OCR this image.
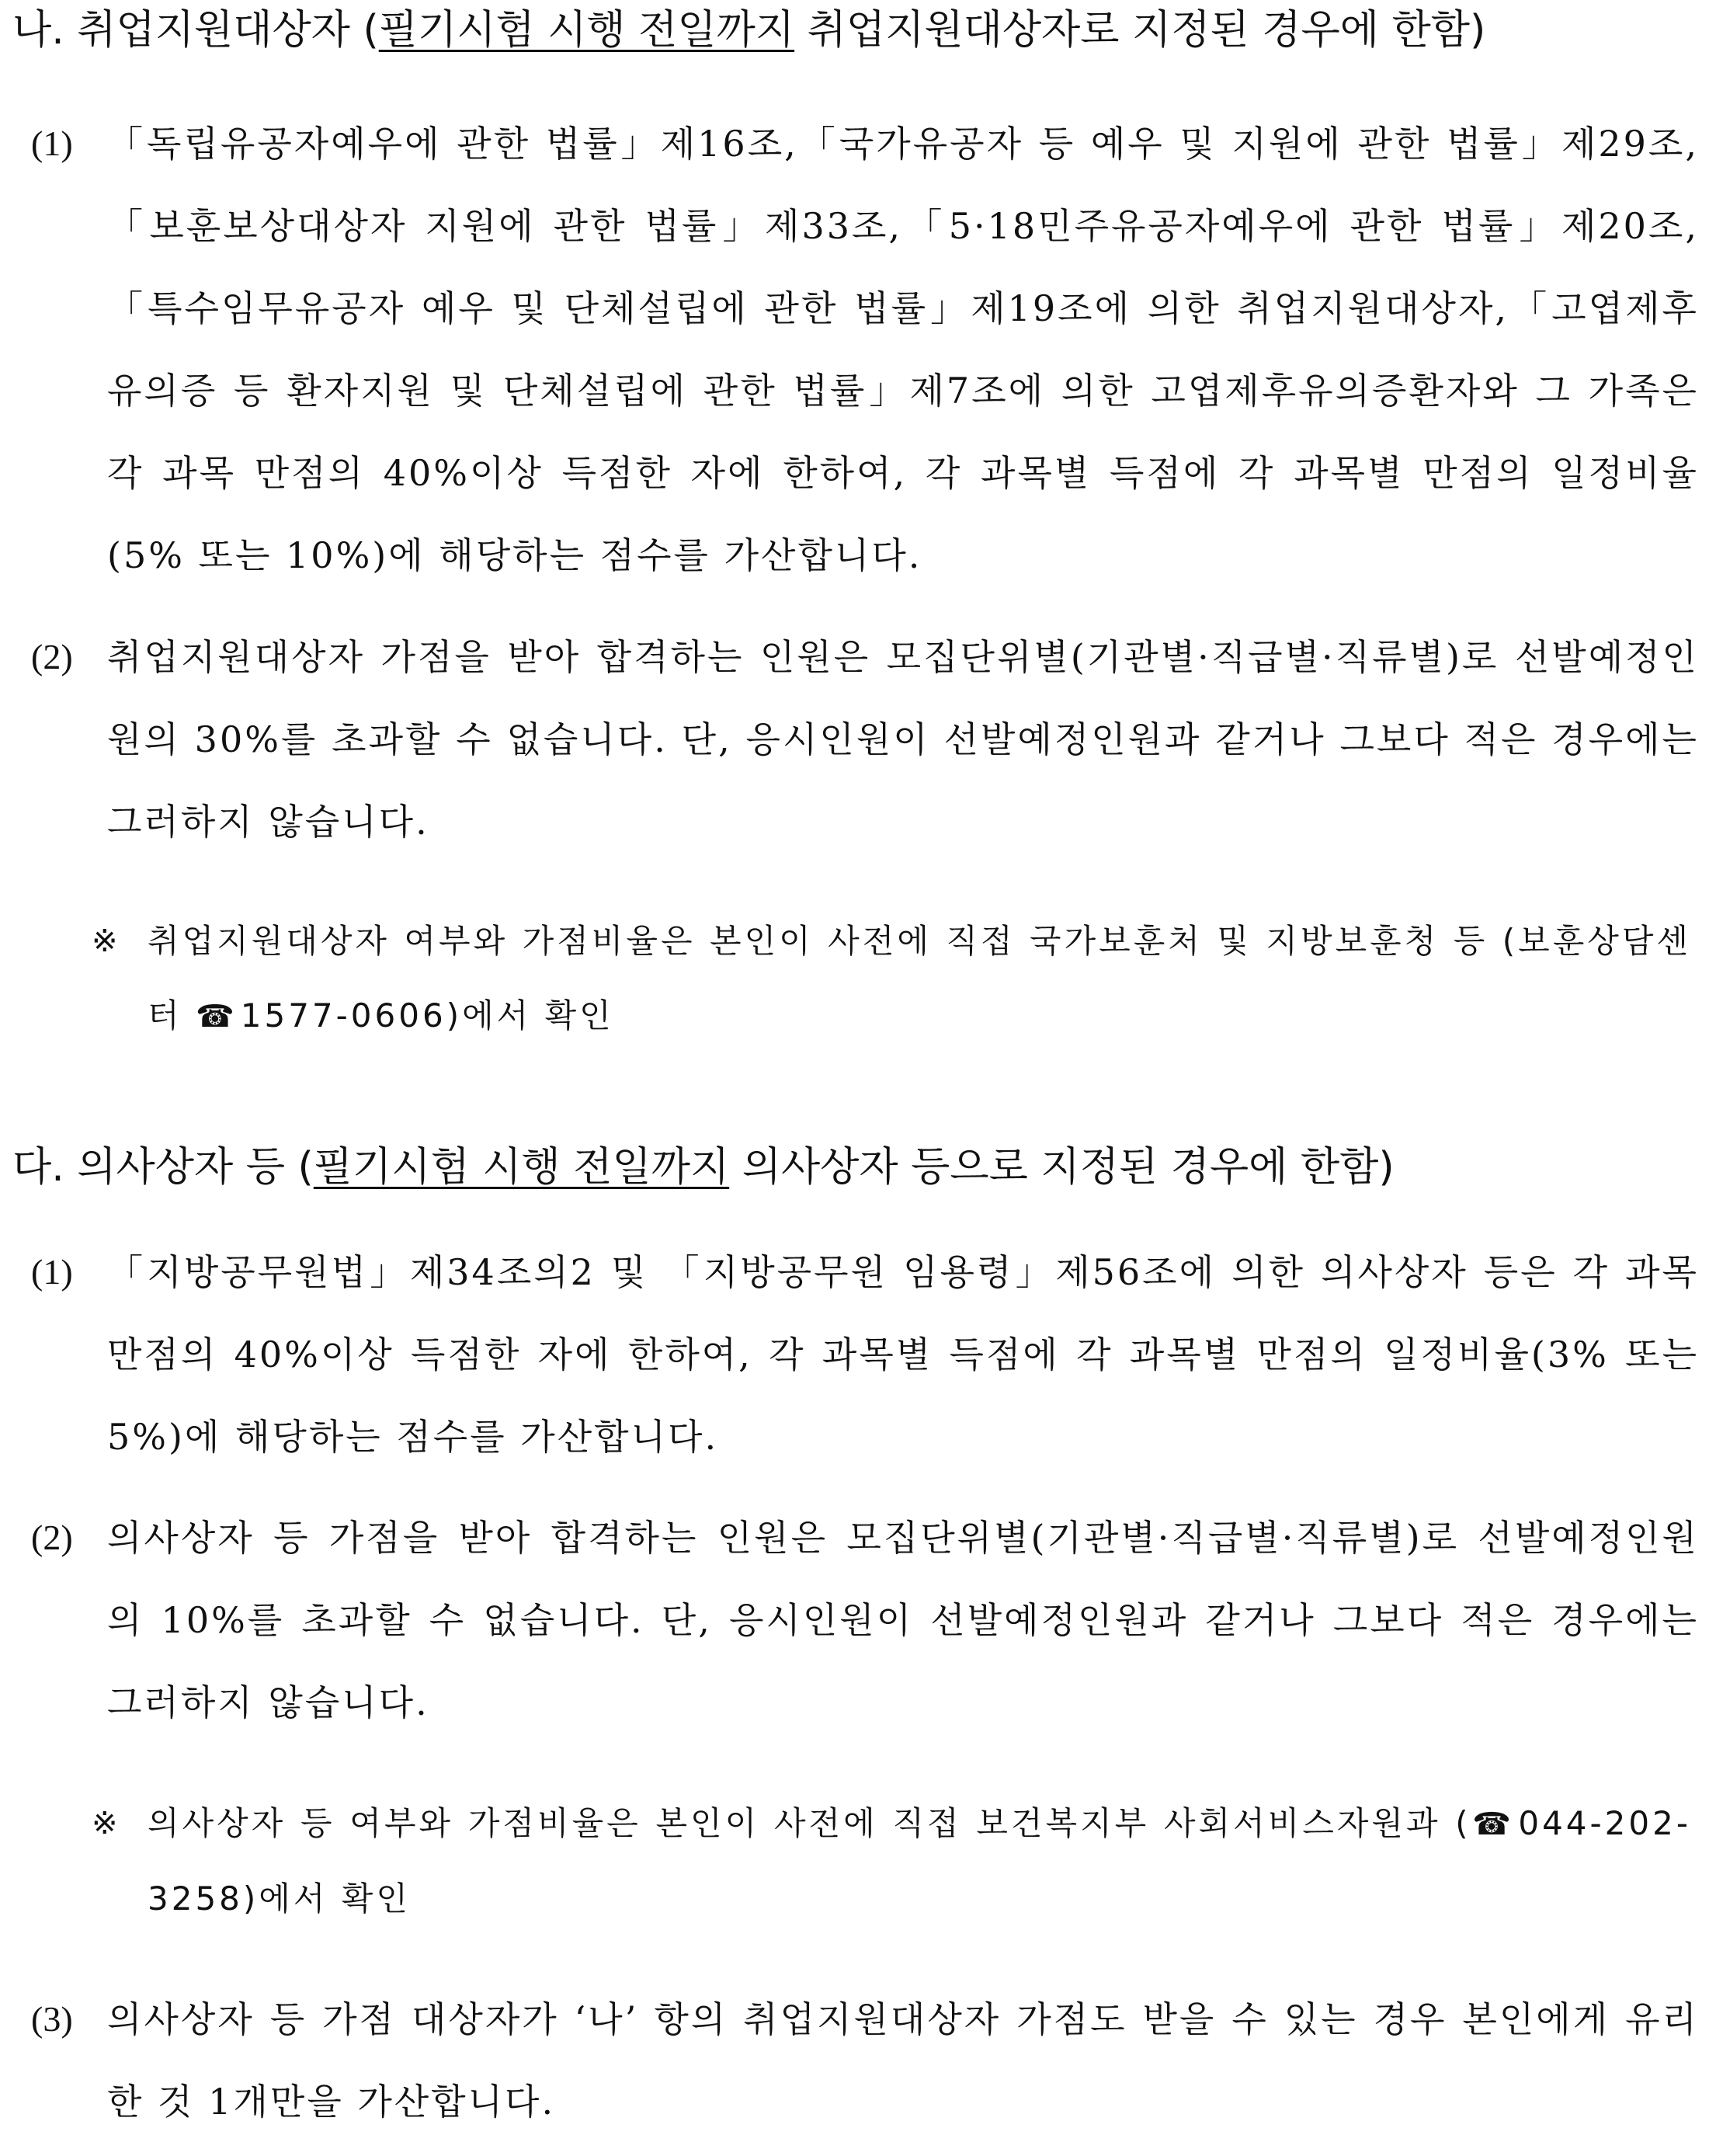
나. 취업지원대상자 (필기시험 시행 전일까지 취업지원대상자로 지정된 경우에 한함)
(1) 「독립유공자예우에 관한 법률」제16조,「국가유공자 등 예우 및 지원에 관한 법률」제29조,「보훈보상대상자 지원에 관한 법률」제33조,「5·18민주유공자예우에 관한 법률」제20조,「특수임무유공자 예우 및 단체설립에 관한 법률」제19조에 의한 취업지원대상자,「고엽제후유의증 등 환자지원 및 단체설립에 관한 법률」제7조에 의한 고엽제후유의증환자와 그 가족은 각 과목 만점의 40%이상 득점한 자에 한하여, 각 과목별 득점에 각 과목별 만점의 일정비율(5% 또는 10%)에 해당하는 점수를 가산합니다.
(2) 취업지원대상자 가점을 받아 합격하는 인원은 모집단위별(기관별·직급별·직류별)로 선발예정인원의 30%를 초과할 수 없습니다. 단, 응시인원이 선발예정인원과 같거나 그보다 적은 경우에는 그러하지 않습니다.
※ 취업지원대상자 여부와 가점비율은 본인이 사전에 직접 국가보훈처 및 지방보훈청 등 (보훈상담센터 ☎1577-0606)에서 확인
다. 의사상자 등 (필기시험 시행 전일까지 의사상자 등으로 지정된 경우에 한함)
(1) 「지방공무원법」제34조의2 및 「지방공무원 임용령」제56조에 의한 의사상자 등은 각 과목 만점의 40%이상 득점한 자에 한하여, 각 과목별 득점에 각 과목별 만점의 일정비율(3% 또는 5%)에 해당하는 점수를 가산합니다.
(2) 의사상자 등 가점을 받아 합격하는 인원은 모집단위별(기관별·직급별·직류별)로 선발예정인원의 10%를 초과할 수 없습니다. 단, 응시인원이 선발예정인원과 같거나 그보다 적은 경우에는 그러하지 않습니다.
※ 의사상자 등 여부와 가점비율은 본인이 사전에 직접 보건복지부 사회서비스자원과 (☎044-202-3258)에서 확인
(3) 의사상자 등 가점 대상자가 ‘나’ 항의 취업지원대상자 가점도 받을 수 있는 경우 본인에게 유리한 것 1개만을 가산합니다.
